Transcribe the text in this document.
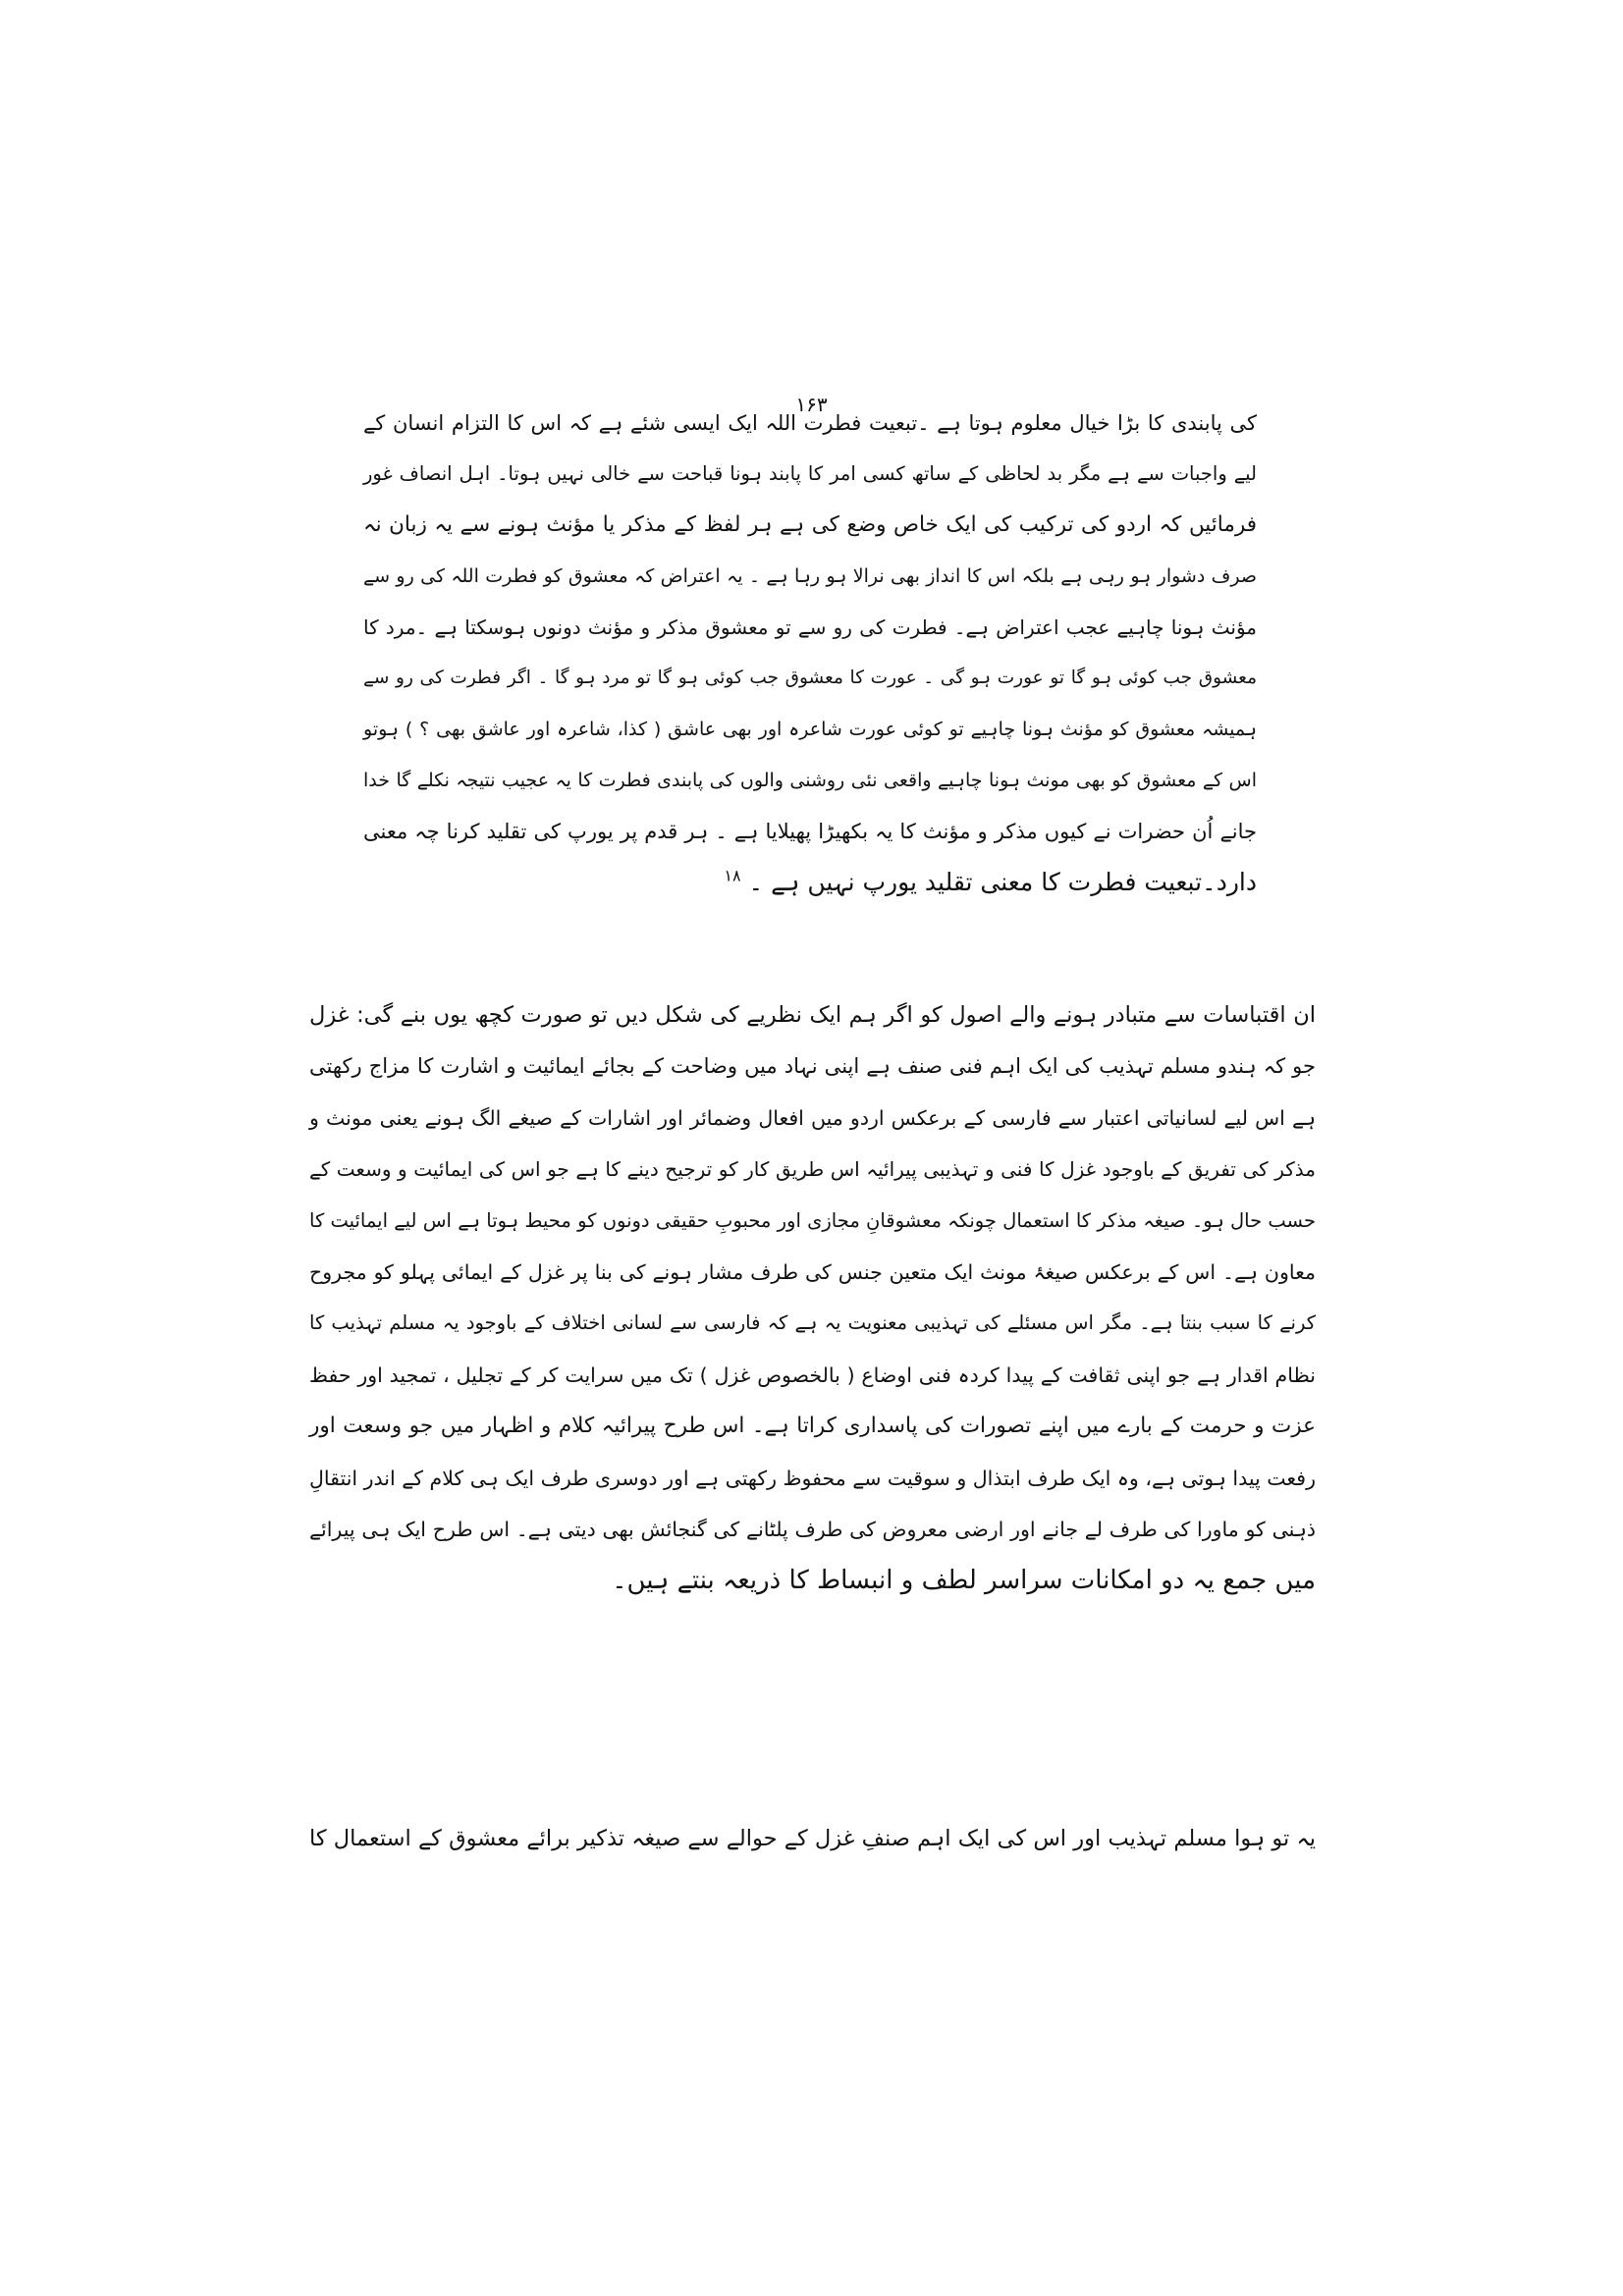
۱۶۳
کی پابندی کا بڑا خیال معلوم ہوتا ہے ۔تبعیت فطرت اللہ ایک ایسی شئے ہے کہ اس کا التزام انسان کے
لیے واجبات سے ہے مگر بد لحاظی کے ساتھ کسی امر کا پابند ہونا قباحت سے خالی نہیں ہوتا۔ اہل انصاف غور
فرمائیں کہ اردو کی ترکیب کی ایک خاص وضع کی ہے ہر لفظ کے مذکر یا مؤنث ہونے سے یہ زبان نہ
صرف دشوار ہو رہی ہے بلکہ اس کا انداز بھی نرالا ہو رہا ہے ۔ یہ اعتراض کہ معشوق کو فطرت اللہ کی رو سے
مؤنث ہونا چاہیے عجب اعتراض ہے۔ فطرت کی رو سے تو معشوق مذکر و مؤنث دونوں ہوسکتا ہے ۔مرد کا
معشوق جب کوئی ہو گا تو عورت ہو گی ۔ عورت کا معشوق جب کوئی ہو گا تو مرد ہو گا ۔ اگر فطرت کی رو سے
ہمیشہ معشوق کو مؤنث ہونا چاہیے تو کوئی عورت شاعرہ اور بھی عاشق ( کذا، شاعرہ اور عاشق بھی ؟ ) ہوتو
اس کے معشوق کو بھی مونث ہونا چاہیے واقعی نئی روشنی والوں کی پابندی فطرت کا یہ عجیب نتیجہ نکلے گا خدا
جانے اُن حضرات نے کیوں مذکر و مؤنث کا یہ بکھیڑا پھیلایا ہے ۔ ہر قدم پر یورپ کی تقلید کرنا چہ معنی
دارد۔تبعیت فطرت کا معنی تقلید یورپ نہیں ہے ۔ $^{۱۸}$
ان اقتباسات سے متبادر ہونے والے اصول کو اگر ہم ایک نظریے کی شکل دیں تو صورت کچھ یوں بنے گی: غزل
جو کہ ہندو مسلم تہذیب کی ایک اہم فنی صنف ہے اپنی نہاد میں وضاحت کے بجائے ایمائیت و اشارت کا مزاج رکھتی
ہے اس لیے لسانیاتی اعتبار سے فارسی کے برعکس اردو میں افعال وضمائر اور اشارات کے صیغے الگ ہونے یعنی مونث و
مذکر کی تفریق کے باوجود غزل کا فنی و تہذیبی پیرائیہ اس طریق کار کو ترجیح دینے کا ہے جو اس کی ایمائیت و وسعت کے
حسب حال ہو۔ صیغہ مذکر کا استعمال چونکہ معشوقانِ مجازی اور محبوبِ حقیقی دونوں کو محیط ہوتا ہے اس لیے ایمائیت کا
معاون ہے۔ اس کے برعکس صیغۂ مونث ایک متعین جنس کی طرف مشار ہونے کی بنا پر غزل کے ایمائی پہلو کو مجروح
کرنے کا سبب بنتا ہے۔ مگر اس مسئلے کی تہذیبی معنویت یہ ہے کہ فارسی سے لسانی اختلاف کے باوجود یہ مسلم تہذیب کا
نظام اقدار ہے جو اپنی ثقافت کے پیدا کردہ فنی اوضاع ( بالخصوص غزل ) تک میں سرایت کر کے تجلیل ، تمجید اور حفظ
عزت و حرمت کے بارے میں اپنے تصورات کی پاسداری کراتا ہے۔ اس طرح پیرائیہ کلام و اظہار میں جو وسعت اور
رفعت پیدا ہوتی ہے، وہ ایک طرف ابتذال و سوقیت سے محفوظ رکھتی ہے اور دوسری طرف ایک ہی کلام کے اندر انتقالِ
ذہنی کو ماورا کی طرف لے جانے اور ارضی معروض کی طرف پلٹانے کی گنجائش بھی دیتی ہے۔ اس طرح ایک ہی پیرائے
میں جمع یہ دو امکانات سراسر لطف و انبساط کا ذریعہ بنتے ہیں۔
یہ تو ہوا مسلم تہذیب اور اس کی ایک اہم صنفِ غزل کے حوالے سے صیغہ تذکیر برائے معشوق کے استعمال کا
